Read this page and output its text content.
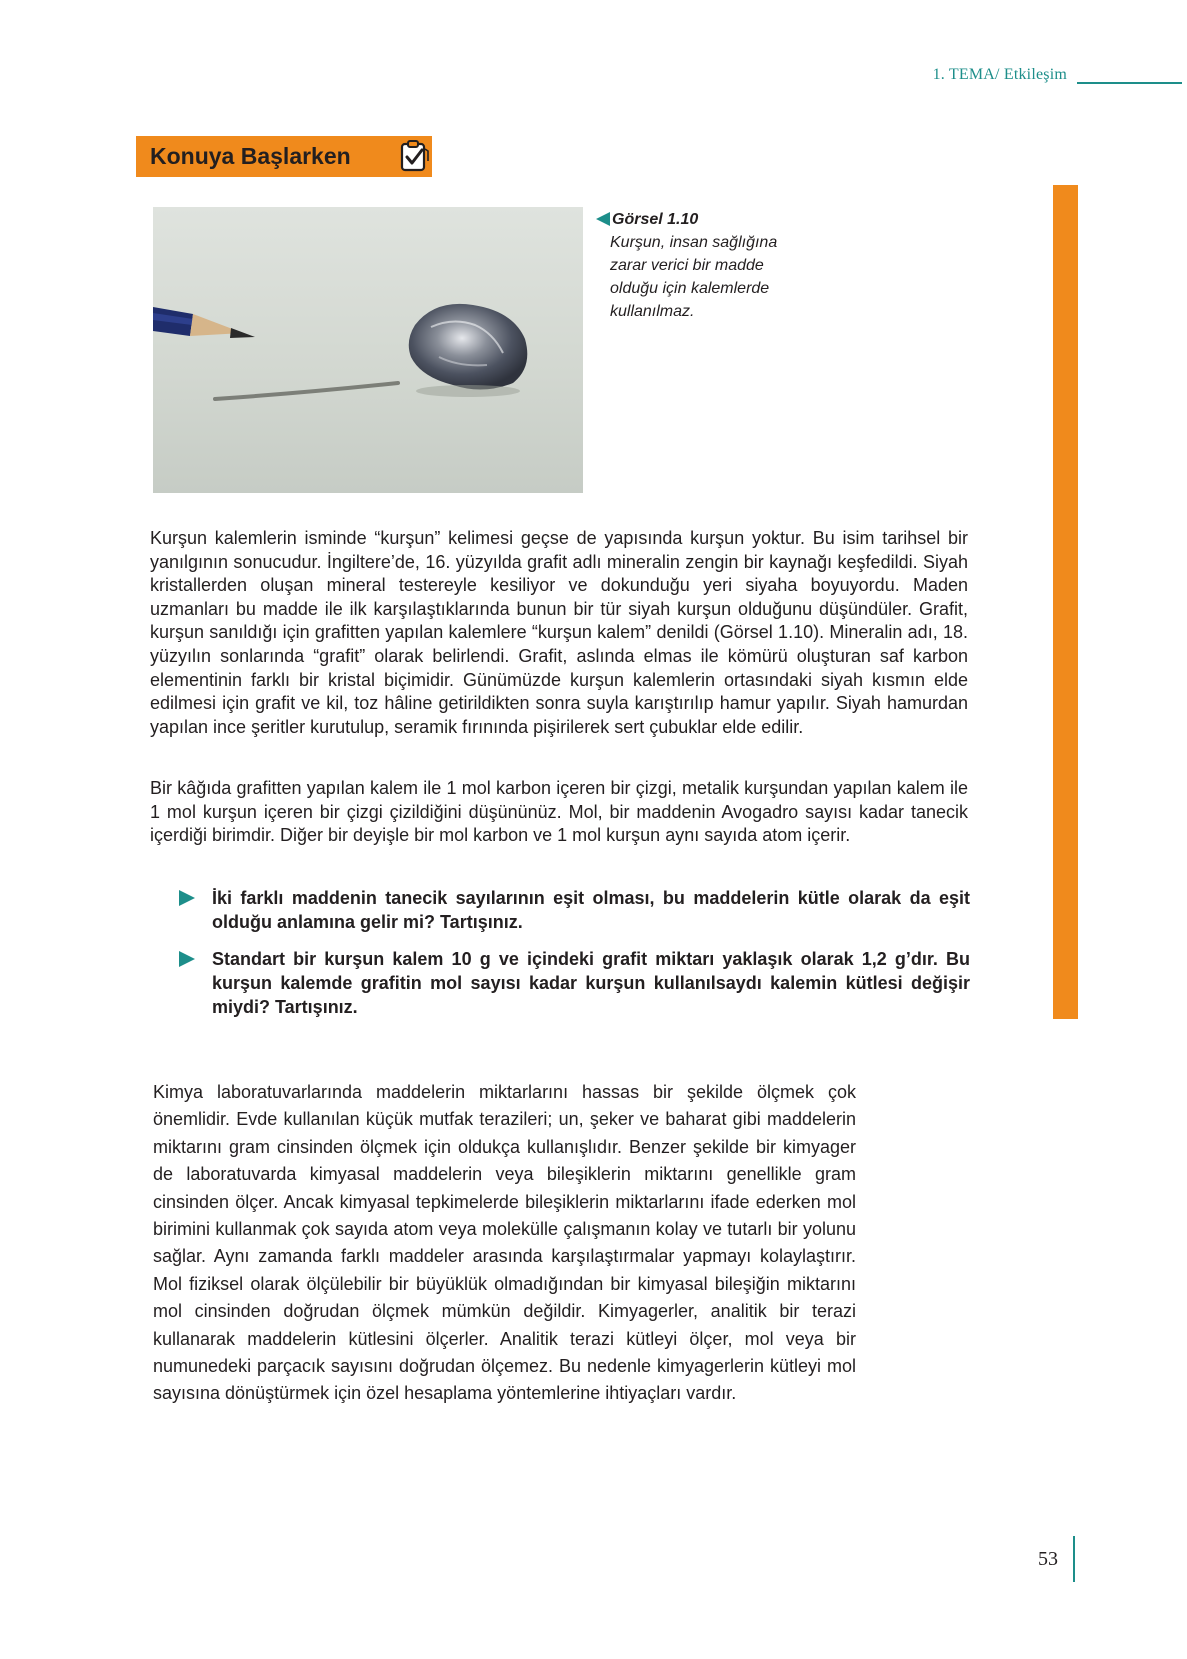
1. TEMA/ Etkileşim
Konuya Başlarken
Görsel 1.10
Kurşun, insan sağlığına zarar verici bir madde olduğu için kalemlerde kullanılmaz.

Kurşun kalemlerin isminde “kurşun” kelimesi geçse de yapısında kurşun yoktur. Bu isim tarihsel bir yanılgının sonucudur. İngiltere’de, 16. yüzyılda grafit adlı mineralin zengin bir kaynağı keşfedildi. Siyah kristallerden oluşan mineral testereyle kesiliyor ve dokunduğu yeri siyaha boyuyordu. Maden uzmanları bu madde ile ilk karşılaştıklarında bunun bir tür siyah kurşun olduğunu düşündüler. Grafit, kurşun sanıldığı için grafitten yapılan kalemlere “kurşun kalem” denildi (Görsel 1.10). Mineralin adı, 18. yüzyılın sonlarında “grafit” olarak belirlendi. Grafit, aslında elmas ile kömürü oluşturan saf karbon elementinin farklı bir kristal biçimidir. Günümüzde kurşun kalemlerin ortasındaki siyah kısmın elde edilmesi için grafit ve kil, toz hâline getirildikten sonra suyla karıştırılıp hamur yapılır. Siyah hamurdan yapılan ince şeritler kurutulup, seramik fırınında pişirilerek sert çubuklar elde edilir.

Bir kâğıda grafitten yapılan kalem ile 1 mol karbon içeren bir çizgi, metalik kurşundan yapılan kalem ile 1 mol kurşun içeren bir çizgi çizildiğini düşününüz. Mol, bir maddenin Avogadro sayısı kadar tanecik içerdiği birimdir. Diğer bir deyişle bir mol karbon ve 1 mol kurşun aynı sayıda atom içerir.

İki farklı maddenin tanecik sayılarının eşit olması, bu maddelerin kütle olarak da eşit olduğu anlamına gelir mi? Tartışınız.
Standart bir kurşun kalem 10 g ve içindeki grafit miktarı yaklaşık olarak 1,2 g’dır. Bu kurşun kalemde grafitin mol sayısı kadar kurşun kullanılsaydı kalemin kütlesi değişir miydi? Tartışınız.

Kimya laboratuvarlarında maddelerin miktarlarını hassas bir şekilde ölçmek çok önemlidir. Evde kullanılan küçük mutfak terazileri; un, şeker ve baharat gibi maddelerin miktarını gram cinsinden ölçmek için oldukça kullanışlıdır. Benzer şekilde bir kimyager de laboratuvarda kimyasal maddelerin veya bileşiklerin miktarını genellikle gram cinsinden ölçer. Ancak kimyasal tepkimelerde bileşiklerin miktarlarını ifade ederken mol birimini kullanmak çok sayıda atom veya molekülle çalışmanın kolay ve tutarlı bir yolunu sağlar. Aynı zamanda farklı maddeler arasında karşılaştırmalar yapmayı kolaylaştırır. Mol fiziksel olarak ölçülebilir bir büyüklük olmadığından bir kimyasal bileşiğin miktarını mol cinsinden doğrudan ölçmek mümkün değildir. Kimyagerler, analitik bir terazi kullanarak maddelerin kütlesini ölçerler. Analitik terazi kütleyi ölçer, mol veya bir numunedeki parçacık sayısını doğrudan ölçemez. Bu nedenle kimyagerlerin kütleyi mol sayısına dönüştürmek için özel hesaplama yöntemlerine ihtiyaçları vardır.

53
